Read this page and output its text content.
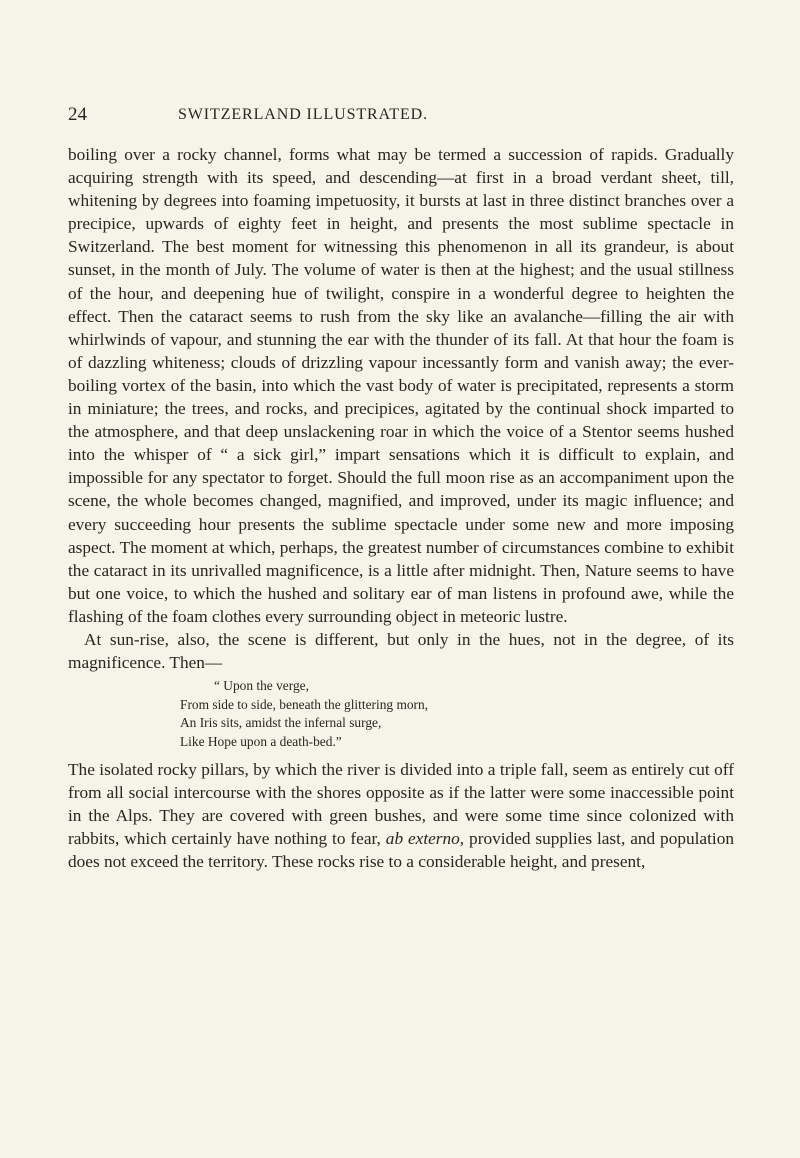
24	SWITZERLAND ILLUSTRATED.

boiling over a rocky channel, forms what may be termed a succession of rapids. Gradually acquiring strength with its speed, and descending—at first in a broad verdant sheet, till, whitening by degrees into foaming impetuosity, it bursts at last in three distinct branches over a precipice, upwards of eighty feet in height, and presents the most sublime spectacle in Switzerland. The best moment for witnessing this phenomenon in all its grandeur, is about sunset, in the month of July. The volume of water is then at the highest; and the usual stillness of the hour, and deepening hue of twilight, conspire in a wonderful degree to heighten the effect. Then the cataract seems to rush from the sky like an avalanche—filling the air with whirlwinds of vapour, and stunning the ear with the thunder of its fall. At that hour the foam is of dazzling whiteness; clouds of drizzling vapour incessantly form and vanish away; the ever-boiling vortex of the basin, into which the vast body of water is precipitated, represents a storm in miniature; the trees, and rocks, and precipices, agitated by the continual shock imparted to the atmosphere, and that deep unslackening roar in which the voice of a Stentor seems hushed into the whisper of “ a sick girl,” impart sensations which it is difficult to explain, and impossible for any spectator to forget. Should the full moon rise as an accompaniment upon the scene, the whole becomes changed, magnified, and improved, under its magic influence; and every succeeding hour presents the sublime spectacle under some new and more imposing aspect. The moment at which, perhaps, the greatest number of circumstances combine to exhibit the cataract in its unrivalled magnificence, is a little after midnight. Then, Nature seems to have but one voice, to which the hushed and solitary ear of man listens in profound awe, while the flashing of the foam clothes every surrounding object in meteoric lustre.

At sun-rise, also, the scene is different, but only in the hues, not in the degree, of its magnificence. Then—

“ Upon the verge,
From side to side, beneath the glittering morn,
An Iris sits, amidst the infernal surge,
Like Hope upon a death-bed.”

The isolated rocky pillars, by which the river is divided into a triple fall, seem as entirely cut off from all social intercourse with the shores opposite as if the latter were some inaccessible point in the Alps. They are covered with green bushes, and were some time since colonized with rabbits, which certainly have nothing to fear, ab externo, provided supplies last, and population does not exceed the territory. These rocks rise to a considerable height, and present,
